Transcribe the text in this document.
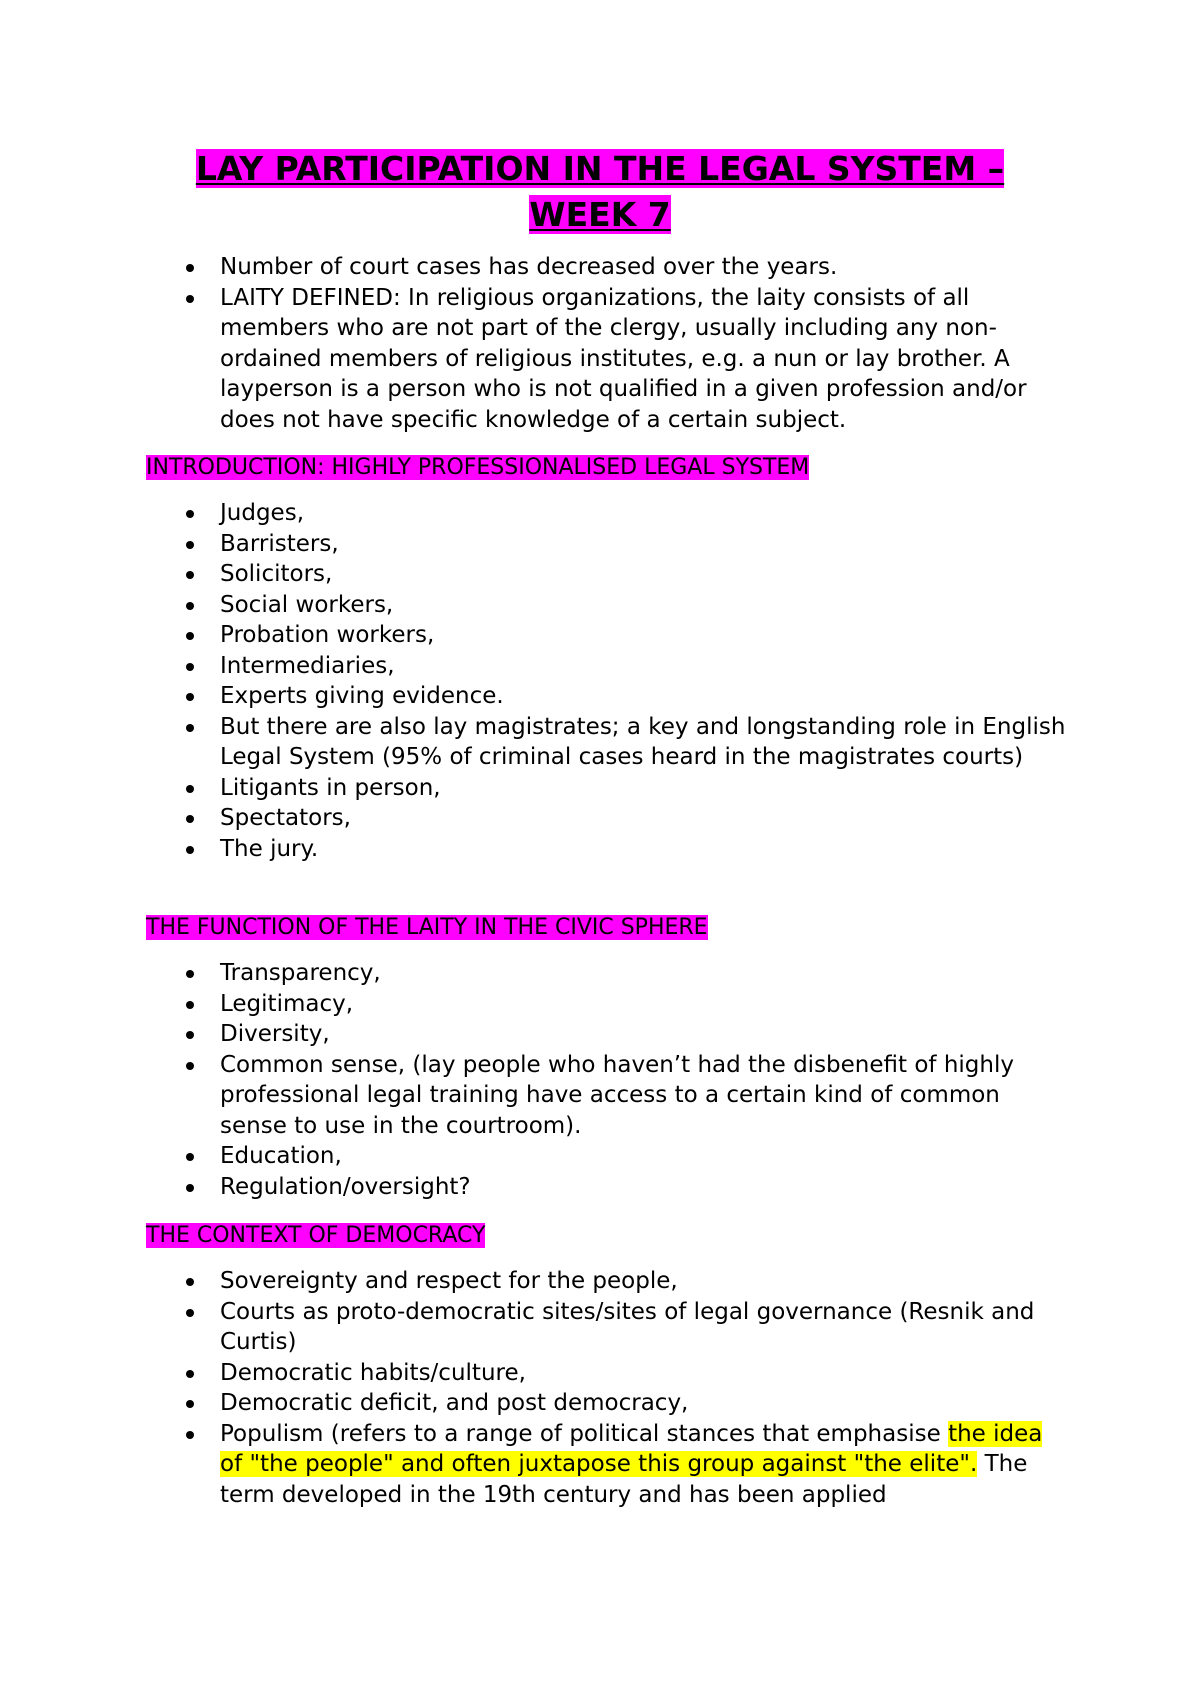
LAY PARTICIPATION IN THE LEGAL SYSTEM –
WEEK 7
Number of court cases has decreased over the years.
LAITY DEFINED: In religious organizations, the laity consists of all members who are not part of the clergy, usually including any non-ordained members of religious institutes, e.g. a nun or lay brother. A layperson is a person who is not qualified in a given profession and/or does not have specific knowledge of a certain subject.

INTRODUCTION: HIGHLY PROFESSIONALISED LEGAL SYSTEM

Judges,
Barristers,
Solicitors,
Social workers,
Probation workers,
Intermediaries,
Experts giving evidence.
But there are also lay magistrates; a key and longstanding role in English Legal System (95% of criminal cases heard in the magistrates courts)
Litigants in person,
Spectators,
The jury.

THE FUNCTION OF THE LAITY IN THE CIVIC SPHERE

Transparency,
Legitimacy,
Diversity,
Common sense, (lay people who haven’t had the disbenefit of highly professional legal training have access to a certain kind of common sense to use in the courtroom).
Education,
Regulation/oversight?

THE CONTEXT OF DEMOCRACY

Sovereignty and respect for the people,
Courts as proto-democratic sites/sites of legal governance (Resnik and Curtis)
Democratic habits/culture,
Democratic deficit, and post democracy,
Populism (refers to a range of political stances that emphasise the idea of "the people" and often juxtapose this group against "the elite". The term developed in the 19th century and has been applied
